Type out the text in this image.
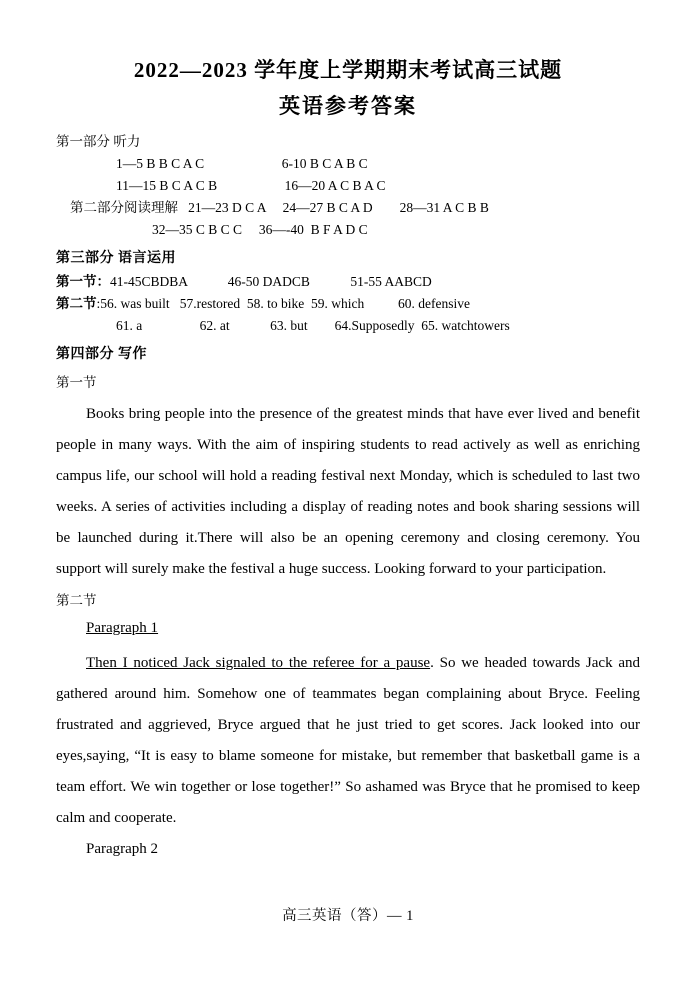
2022—2023 学年度上学期期末考试高三试题
英语参考答案
第一部分 听力
1—5 B B C A C                       6-10 B C A B C
11—15 B C A C B                    16—20 A C B A C
第二部分阅读理解   21—23 D C A     24—27 B C A D        28—31 A C B B
32—35 C B C C     36—-40  B F A D C
第三部分 语言运用
第一节：41-45CBDBA            46-50 DADCB            51-55 AABCD
第二节:56. was built   57.restored  58. to bike  59. which          60. defensive
61. a                 62. at            63. but        64.Supposedly  65. watchtowers
第四部分 写作
第一节
Books bring people into the presence of the greatest minds that have ever lived and benefit people in many ways. With the aim of inspiring students to read actively as well as enriching campus life, our school will hold a reading festival next Monday, which is scheduled to last two weeks. A series of activities including a display of reading notes and book sharing sessions will be launched during it.There will also be an opening ceremony and closing ceremony. You support will surely make the festival a huge success. Looking forward to your participation.
第二节
Paragraph 1
Then I noticed Jack signaled to the referee for a pause. So we headed towards Jack and gathered around him. Somehow one of teammates began complaining about Bryce. Feeling frustrated and aggrieved, Bryce argued that he just tried to get scores. Jack looked into our eyes,saying, “It is easy to blame someone for mistake, but remember that basketball game is a team effort. We win together or lose together!” So ashamed was Bryce that he promised to keep calm and cooperate.
Paragraph 2
高三英语（答）— 1
